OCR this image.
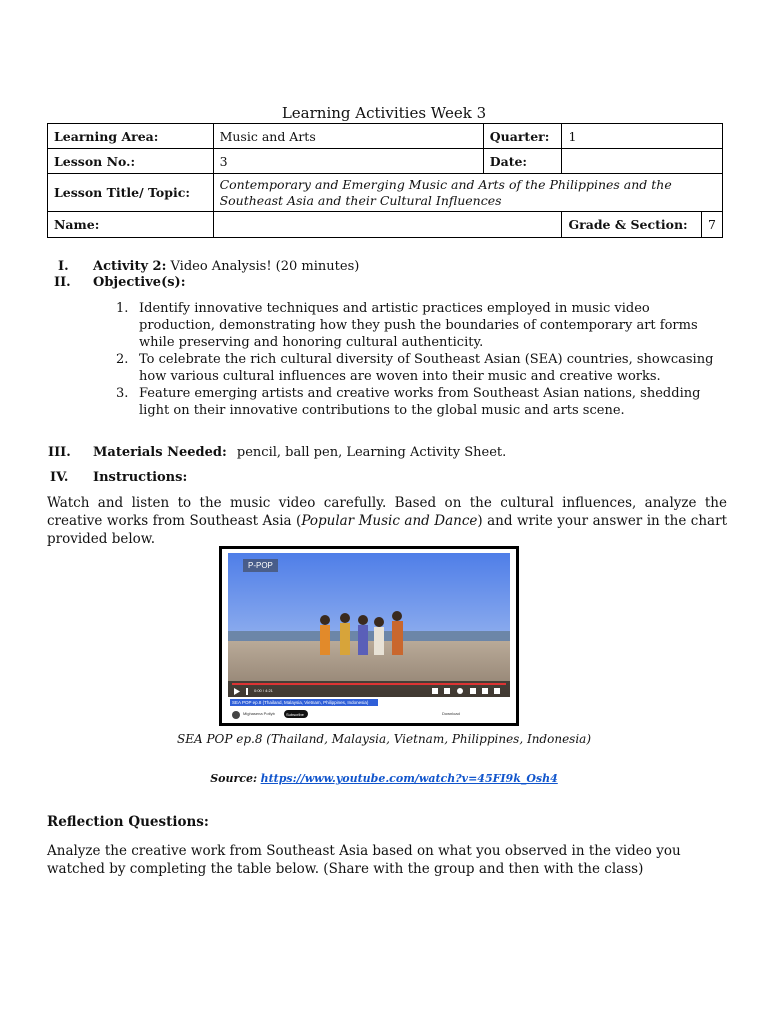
Learning Activities Week 3
Learning Area:	Music and Arts	Quarter:	1	
Lesson No.:	3	Date:		
Lesson Title/ Topic:	Contemporary and Emerging Music and Arts of the Philippines and the Southeast Asia and their Cultural Influences			
Name:			Grade & Section:	7
I. Activity 2: Video Analysis! (20 minutes)
II. Objective(s):
1. Identify innovative techniques and artistic practices employed in music video production, demonstrating how they push the boundaries of contemporary art forms while preserving and honoring cultural authenticity.
2. To celebrate the rich cultural diversity of Southeast Asian (SEA) countries, showcasing how various cultural influences are woven into their music and creative works.
3. Feature emerging artists and creative works from Southeast Asian nations, shedding light on their innovative contributions to the global music and arts scene.
III. Materials Needed: pencil, ball pen, Learning Activity Sheet.
IV. Instructions:
Watch and listen to the music video carefully. Based on the cultural influences, analyze the creative works from Southeast Asia (Popular Music and Dance) and write your answer in the chart provided below.
P-POP
SEA POP ep.8 (Thailand, Malaysia, Vietnam, Philippines, Indonesia)
Mighasena Potlyb	Subscribe	Download
0:00 / 4:21
SEA POP ep.8 (Thailand, Malaysia, Vietnam, Philippines, Indonesia)
Source: https://www.youtube.com/watch?v=45FI9k_Osh4
Reflection Questions:
Analyze the creative work from Southeast Asia based on what you observed in the video you watched by completing the table below. (Share with the group and then with the class)
